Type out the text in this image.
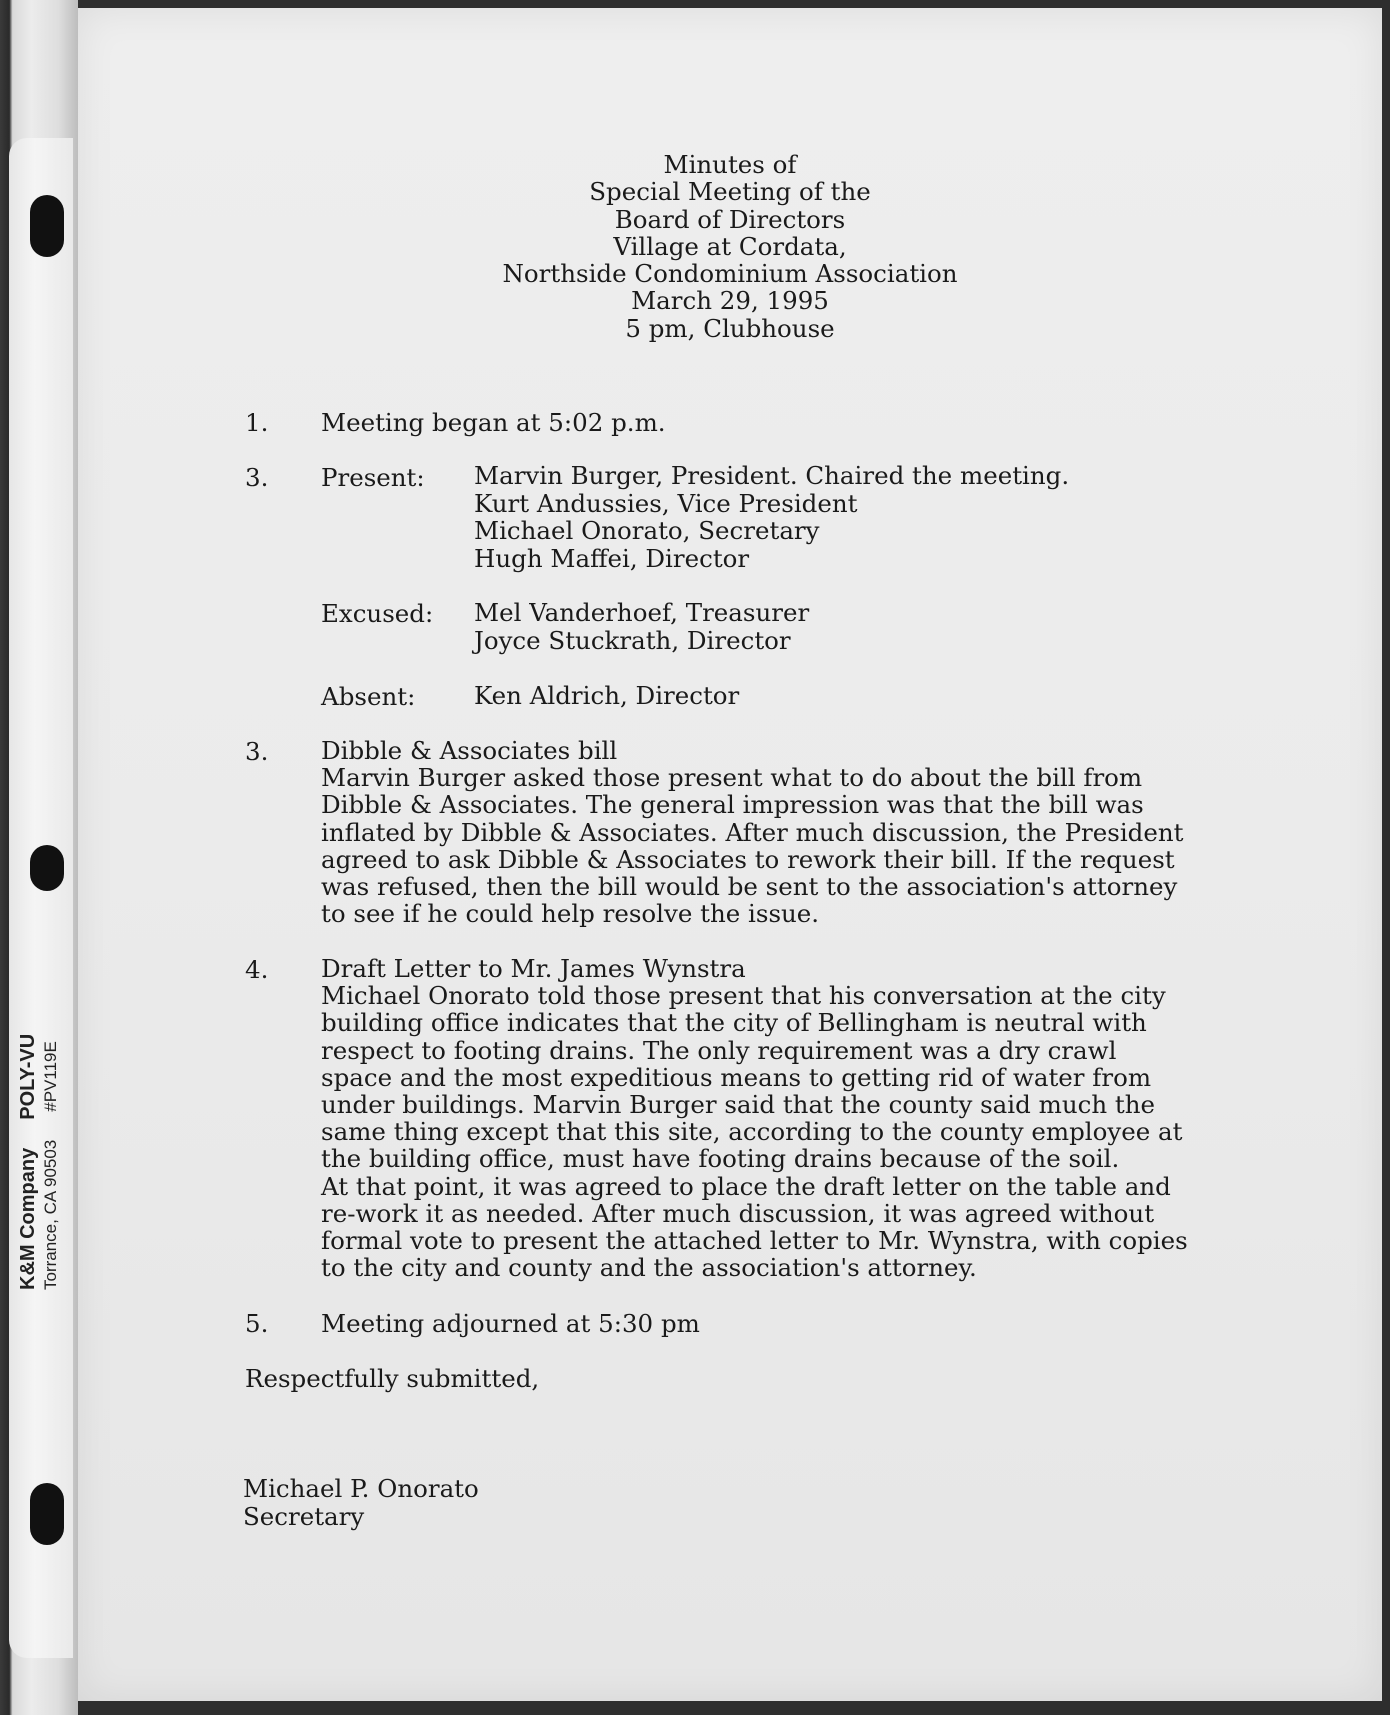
K&M CompanyPOLY-VU
Torrance, CA 90503#PV119E
Minutes of
Special Meeting of the
Board of Directors
Village at Cordata,
Northside Condominium Association
March 29, 1995
5 pm, Clubhouse
1. Meeting began at 5:02 p.m.
3. Present: Marvin Burger, President. Chaired the meeting.
Kurt Andussies, Vice President
Michael Onorato, Secretary
Hugh Maffei, Director
Excused: Mel Vanderhoef, Treasurer
Joyce Stuckrath, Director
Absent: Ken Aldrich, Director
3. Dibble & Associates bill
Marvin Burger asked those present what to do about the bill from
Dibble & Associates. The general impression was that the bill was
inflated by Dibble & Associates. After much discussion, the President
agreed to ask Dibble & Associates to rework their bill. If the request
was refused, then the bill would be sent to the association's attorney
to see if he could help resolve the issue.
4. Draft Letter to Mr. James Wynstra
Michael Onorato told those present that his conversation at the city
building office indicates that the city of Bellingham is neutral with
respect to footing drains. The only requirement was a dry crawl
space and the most expeditious means to getting rid of water from
under buildings. Marvin Burger said that the county said much the
same thing except that this site, according to the county employee at
the building office, must have footing drains because of the soil.
At that point, it was agreed to place the draft letter on the table and
re-work it as needed. After much discussion, it was agreed without
formal vote to present the attached letter to Mr. Wynstra, with copies
to the city and county and the association's attorney.
5. Meeting adjourned at 5:30 pm
Respectfully submitted,
Michael P. Onorato
Secretary
